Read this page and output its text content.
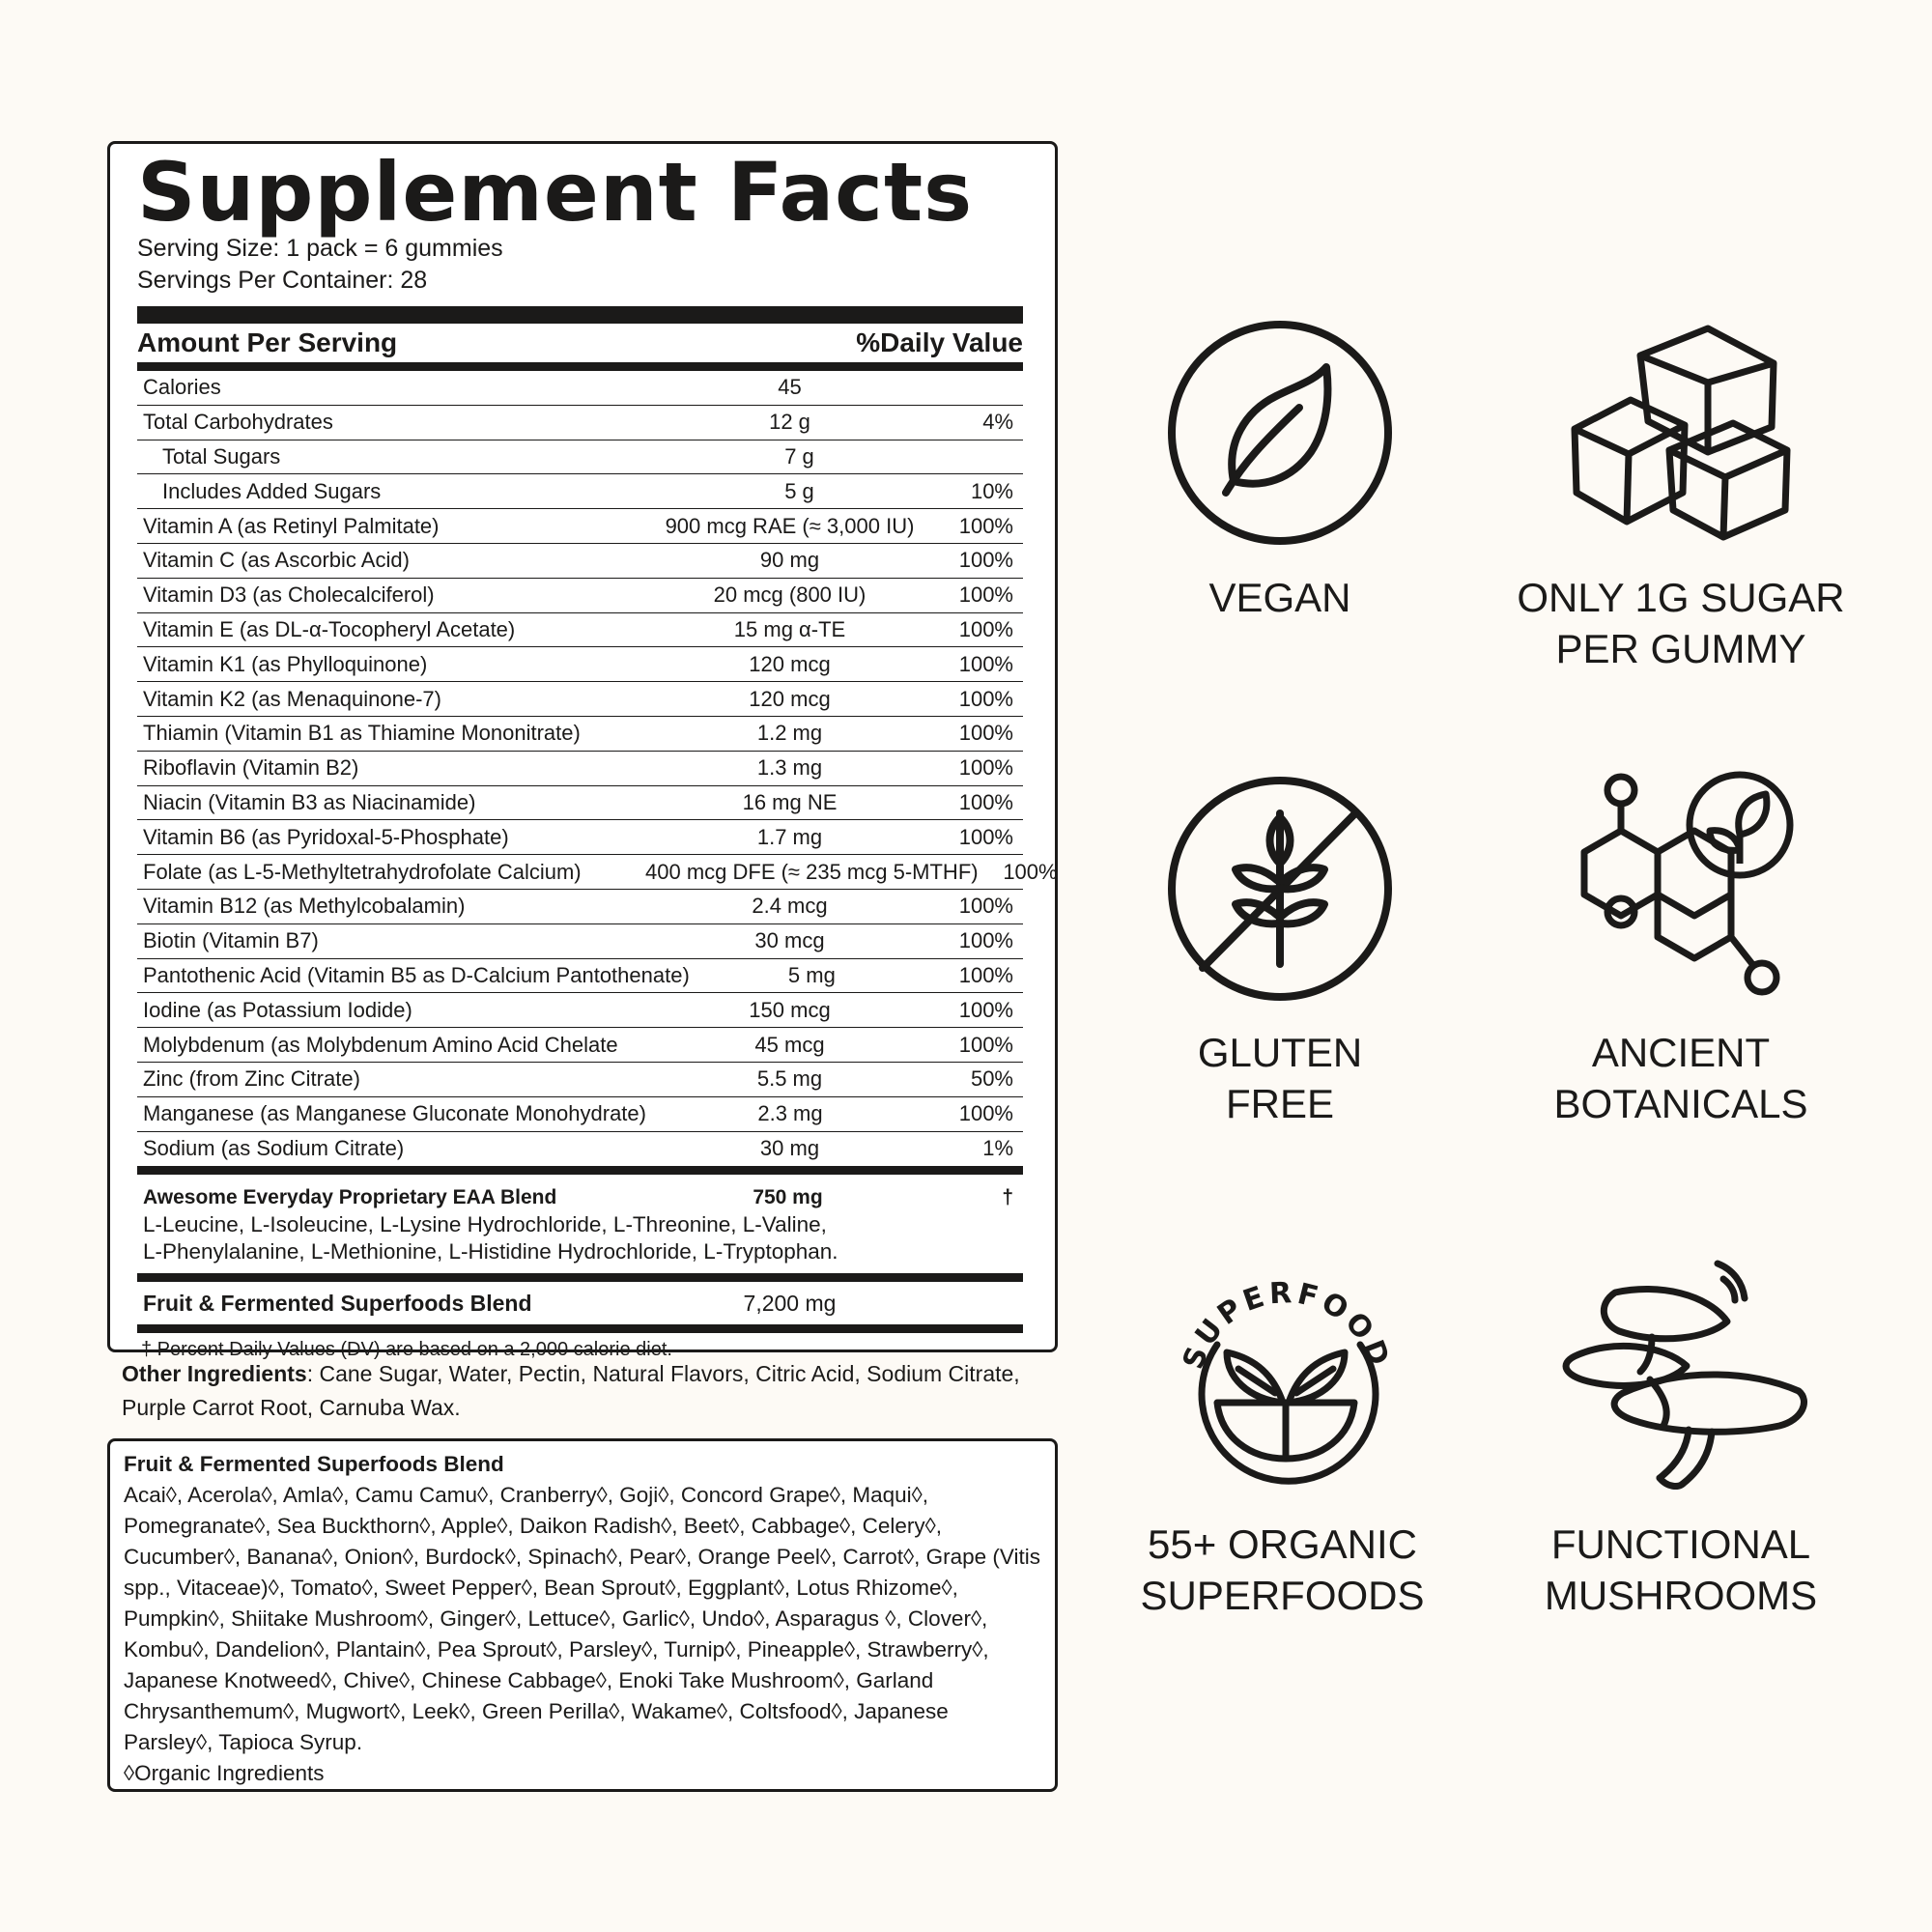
Supplement Facts
Serving Size: 1 pack = 6 gummies
Servings Per Container: 28
Amount Per Serving	%Daily Value
Calories	45
Total Carbohydrates	12 g	4%
Total Sugars	7 g
Includes Added Sugars	5 g	10%
Vitamin A (as Retinyl Palmitate)	900 mcg RAE (≈ 3,000 IU)	100%
Vitamin C (as Ascorbic Acid)	90 mg	100%
Vitamin D3 (as Cholecalciferol)	20 mcg (800 IU)	100%
Vitamin E (as DL-α-Tocopheryl Acetate)	15 mg α-TE	100%
Vitamin K1 (as Phylloquinone)	120 mcg	100%
Vitamin K2 (as Menaquinone-7)	120 mcg	100%
Thiamin (Vitamin B1 as Thiamine Mononitrate)	1.2 mg	100%
Riboflavin (Vitamin B2)	1.3 mg	100%
Niacin (Vitamin B3 as Niacinamide)	16 mg NE	100%
Vitamin B6 (as Pyridoxal-5-Phosphate)	1.7 mg	100%
Folate (as L-5-Methyltetrahydrofolate Calcium)	400 mcg DFE (≈ 235 mcg 5-MTHF)	100%
Vitamin B12 (as Methylcobalamin)	2.4 mcg	100%
Biotin (Vitamin B7)	30 mcg	100%
Pantothenic Acid (Vitamin B5 as D-Calcium Pantothenate)	5 mg	100%
Iodine (as Potassium Iodide)	150 mcg	100%
Molybdenum (as Molybdenum Amino Acid Chelate	45 mcg	100%
Zinc (from Zinc Citrate)	5.5 mg	50%
Manganese (as Manganese Gluconate Monohydrate)	2.3 mg	100%
Sodium (as Sodium Citrate)	30 mg	1%
Awesome Everyday Proprietary EAA Blend	750 mg	†
L-Leucine, L-Isoleucine, L-Lysine Hydrochloride, L-Threonine, L-Valine,
L-Phenylalanine, L-Methionine, L-Histidine Hydrochloride, L-Tryptophan.
Fruit & Fermented Superfoods Blend	7,200 mg
† Percent Daily Values (DV) are based on a 2,000 calorie diet.
Other Ingredients: Cane Sugar, Water, Pectin, Natural Flavors, Citric Acid, Sodium Citrate, Purple Carrot Root, Carnuba Wax.

Fruit & Fermented Superfoods Blend

Acai◊, Acerola◊, Amla◊, Camu Camu◊, Cranberry◊, Goji◊, Concord Grape◊, Maqui◊, Pomegranate◊, Sea Buckthorn◊, Apple◊, Daikon Radish◊, Beet◊, Cabbage◊, Celery◊, Cucumber◊, Banana◊, Onion◊, Burdock◊, Spinach◊, Pear◊, Orange Peel◊, Carrot◊, Grape (Vitis spp., Vitaceae)◊, Tomato◊, Sweet Pepper◊, Bean Sprout◊, Eggplant◊, Lotus Rhizome◊, Pumpkin◊, Shiitake Mushroom◊, Ginger◊, Lettuce◊, Garlic◊, Undo◊, Asparagus ◊, Clover◊, Kombu◊, Dandelion◊, Plantain◊, Pea Sprout◊, Parsley◊, Turnip◊, Pineapple◊, Strawberry◊, Japanese Knotweed◊, Chive◊, Chinese Cabbage◊, Enoki Take Mushroom◊, Garland Chrysanthemum◊, Mugwort◊, Leek◊, Green Perilla◊, Wakame◊, Coltsfood◊, Japanese Parsley◊, Tapioca Syrup.

◊Organic Ingredients

VEGAN	ONLY 1G SUGAR
PER GUMMY
GLUTEN
FREE
ANCIENT
BOTANICALS
SUPERFOOD
55+ ORGANIC
SUPERFOODS
FUNCTIONAL
MUSHROOMS
